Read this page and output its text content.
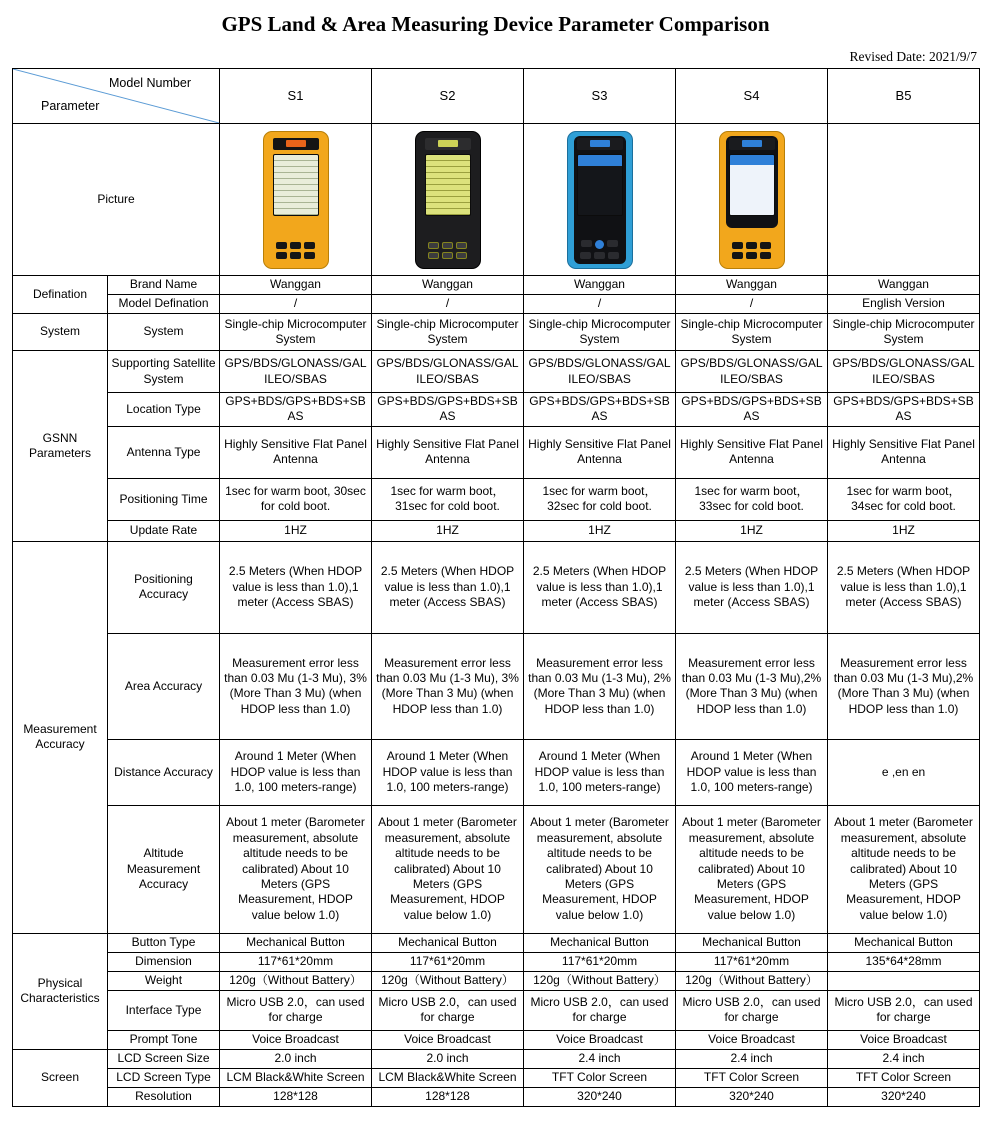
GPS Land & Area Measuring Device Parameter Comparison
Revised Date: 2021/9/7
Model Number
Parameter		S1	S2	S3	S4	B5
Picture		

Defination	Brand Name	Wanggan	Wanggan	Wanggan	Wanggan	Wanggan
	Model Defination	/	/	/	/	English Version
System	System	Single-chip Microcomputer System	Single-chip Microcomputer System	Single-chip Microcomputer System	Single-chip Microcomputer System	Single-chip Microcomputer System
GSNN Parameters	Supporting Satellite System	GPS/BDS/GLONASS/GALILEO/SBAS	GPS/BDS/GLONASS/GALILEO/SBAS	GPS/BDS/GLONASS/GALILEO/SBAS	GPS/BDS/GLONASS/GALILEO/SBAS	GPS/BDS/GLONASS/GALILEO/SBAS
	Location Type	GPS+BDS/GPS+BDS+SBAS	GPS+BDS/GPS+BDS+SBAS	GPS+BDS/GPS+BDS+SBAS	GPS+BDS/GPS+BDS+SBAS	GPS+BDS/GPS+BDS+SBAS
	Antenna Type	Highly Sensitive Flat Panel Antenna	Highly Sensitive Flat Panel Antenna	Highly Sensitive Flat Panel Antenna	Highly Sensitive Flat Panel Antenna	Highly Sensitive Flat Panel Antenna
	Positioning Time	1sec for warm boot, 30sec for cold boot.	1sec for warm boot，31sec for cold boot.	1sec for warm boot，32sec for cold boot.	1sec for warm boot，33sec for cold boot.	1sec for warm boot，34sec for cold boot.
	Update Rate	1HZ	1HZ	1HZ	1HZ	1HZ
Measurement Accuracy	Positioning Accuracy	2.5 Meters (When HDOP value is less than 1.0),1 meter (Access SBAS)	2.5 Meters (When HDOP value is less than 1.0),1 meter (Access SBAS)	2.5 Meters (When HDOP value is less than 1.0),1 meter (Access SBAS)	2.5 Meters (When HDOP value is less than 1.0),1 meter (Access SBAS)	2.5 Meters (When HDOP value is less than 1.0),1 meter (Access SBAS)
	Area Accuracy	Measurement error less than 0.03 Mu (1-3 Mu), 3% (More Than 3 Mu) (when HDOP less than 1.0)	Measurement error less than 0.03 Mu (1-3 Mu), 3% (More Than 3 Mu) (when HDOP less than 1.0)	Measurement error less than 0.03 Mu (1-3 Mu), 2% (More Than 3 Mu) (when HDOP less than 1.0)	Measurement error less than 0.03 Mu (1-3 Mu),2% (More Than 3 Mu) (when HDOP less than 1.0)	Measurement error less than 0.03 Mu (1-3 Mu),2% (More Than 3 Mu) (when HDOP less than 1.0)
	Distance Accuracy	Around 1 Meter (When HDOP value is less than 1.0, 100 meters-range)	Around 1 Meter (When HDOP value is less than 1.0, 100 meters-range)	Around 1 Meter (When HDOP value is less than 1.0, 100 meters-range)	Around 1 Meter (When HDOP value is less than 1.0, 100 meters-range)	e ,en en
	Altitude Measurement Accuracy	About 1 meter (Barometer measurement, absolute altitude needs to be calibrated) About 10 Meters (GPS Measurement, HDOP value below 1.0)	About 1 meter (Barometer measurement, absolute altitude needs to be calibrated) About 10 Meters (GPS Measurement, HDOP value below 1.0)	About 1 meter (Barometer measurement, absolute altitude needs to be calibrated) About 10 Meters (GPS Measurement, HDOP value below 1.0)	About 1 meter (Barometer measurement, absolute altitude needs to be calibrated) About 10 Meters (GPS Measurement, HDOP value below 1.0)	About 1 meter (Barometer measurement, absolute altitude needs to be calibrated) About 10 Meters (GPS Measurement, HDOP value below 1.0)
Physical Characteristics	Button Type	Mechanical Button	Mechanical Button	Mechanical Button	Mechanical Button	Mechanical Button
	Dimension	117*61*20mm	117*61*20mm	117*61*20mm	117*61*20mm	135*64*28mm
	Weight	120g（Without Battery）	120g（Without Battery）	120g（Without Battery）	120g（Without Battery）	
	Interface Type	Micro USB 2.0，can used for charge	Micro USB 2.0，can used for charge	Micro USB 2.0，can used for charge	Micro USB 2.0，can used for charge	Micro USB 2.0，can used for charge
	Prompt Tone	Voice Broadcast	Voice Broadcast	Voice Broadcast	Voice Broadcast	Voice Broadcast
Screen	LCD Screen Size	2.0 inch	2.0 inch	2.4 inch	2.4 inch	2.4 inch
	LCD Screen Type	LCM Black&White Screen	LCM Black&White Screen	TFT Color Screen	TFT Color Screen	TFT Color Screen
	Resolution	128*128	128*128	320*240	320*240	320*240
